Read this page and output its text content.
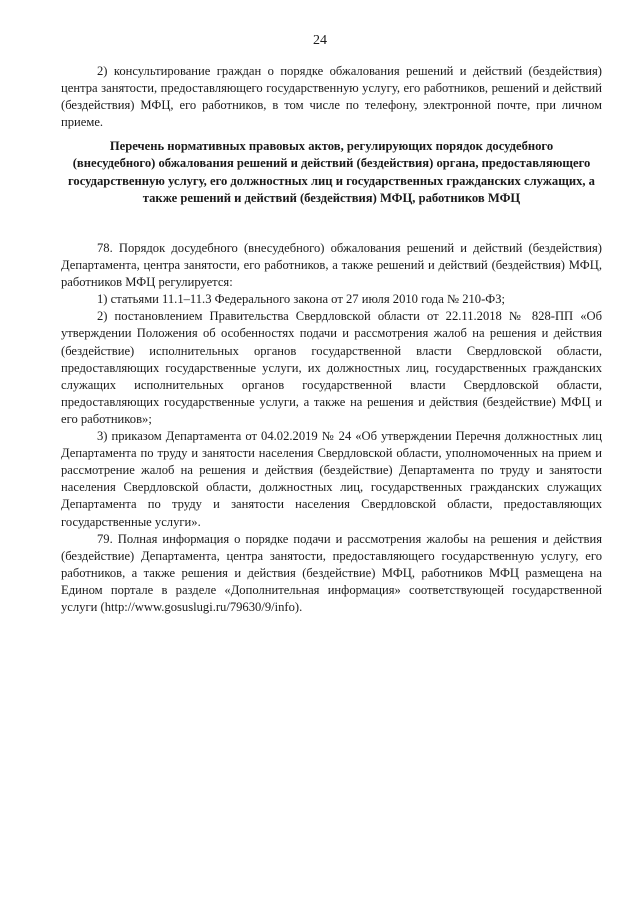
24

2) консультирование граждан о порядке обжалования решений и действий (бездействия) центра занятости, предоставляющего государственную услугу, его работников, решений и действий (бездействия) МФЦ, его работников, в том числе по телефону, электронной почте, при личном приеме.

Перечень нормативных правовых актов, регулирующих порядок досудебного (внесудебного) обжалования решений и действий (бездействия) органа, предоставляющего государственную услугу, его должностных лиц и государственных гражданских служащих, а также решений и действий (бездействия) МФЦ, работников МФЦ

78. Порядок досудебного (внесудебного) обжалования решений и действий (бездействия) Департамента, центра занятости, его работников, а также решений и действий (бездействия) МФЦ, работников МФЦ регулируется:

1) статьями 11.1–11.3 Федерального закона от 27 июля 2010 года № 210-ФЗ;

2) постановлением Правительства Свердловской области от 22.11.2018 № 828-ПП «Об утверждении Положения об особенностях подачи и рассмотрения жалоб на решения и действия (бездействие) исполнительных органов государственной власти Свердловской области, предоставляющих государственные услуги, их должностных лиц, государственных гражданских служащих исполнительных органов государственной власти Свердловской области, предоставляющих государственные услуги, а также на решения и действия (бездействие) МФЦ и его работников»;

3) приказом Департамента от 04.02.2019 № 24 «Об утверждении Перечня должностных лиц Департамента по труду и занятости населения Свердловской области, уполномоченных на прием и рассмотрение жалоб на решения и действия (бездействие) Департамента по труду и занятости населения Свердловской области, должностных лиц, государственных гражданских служащих Департамента по труду и занятости населения Свердловской области, предоставляющих государственные услуги».

79. Полная информация о порядке подачи и рассмотрения жалобы на решения и действия (бездействие) Департамента, центра занятости, предоставляющего государственную услугу, его работников, а также решения и действия (бездействие) МФЦ, работников МФЦ размещена на Едином портале в разделе «Дополнительная информация» соответствующей государственной услуги (http://www.gosuslugi.ru/79630/9/info).
